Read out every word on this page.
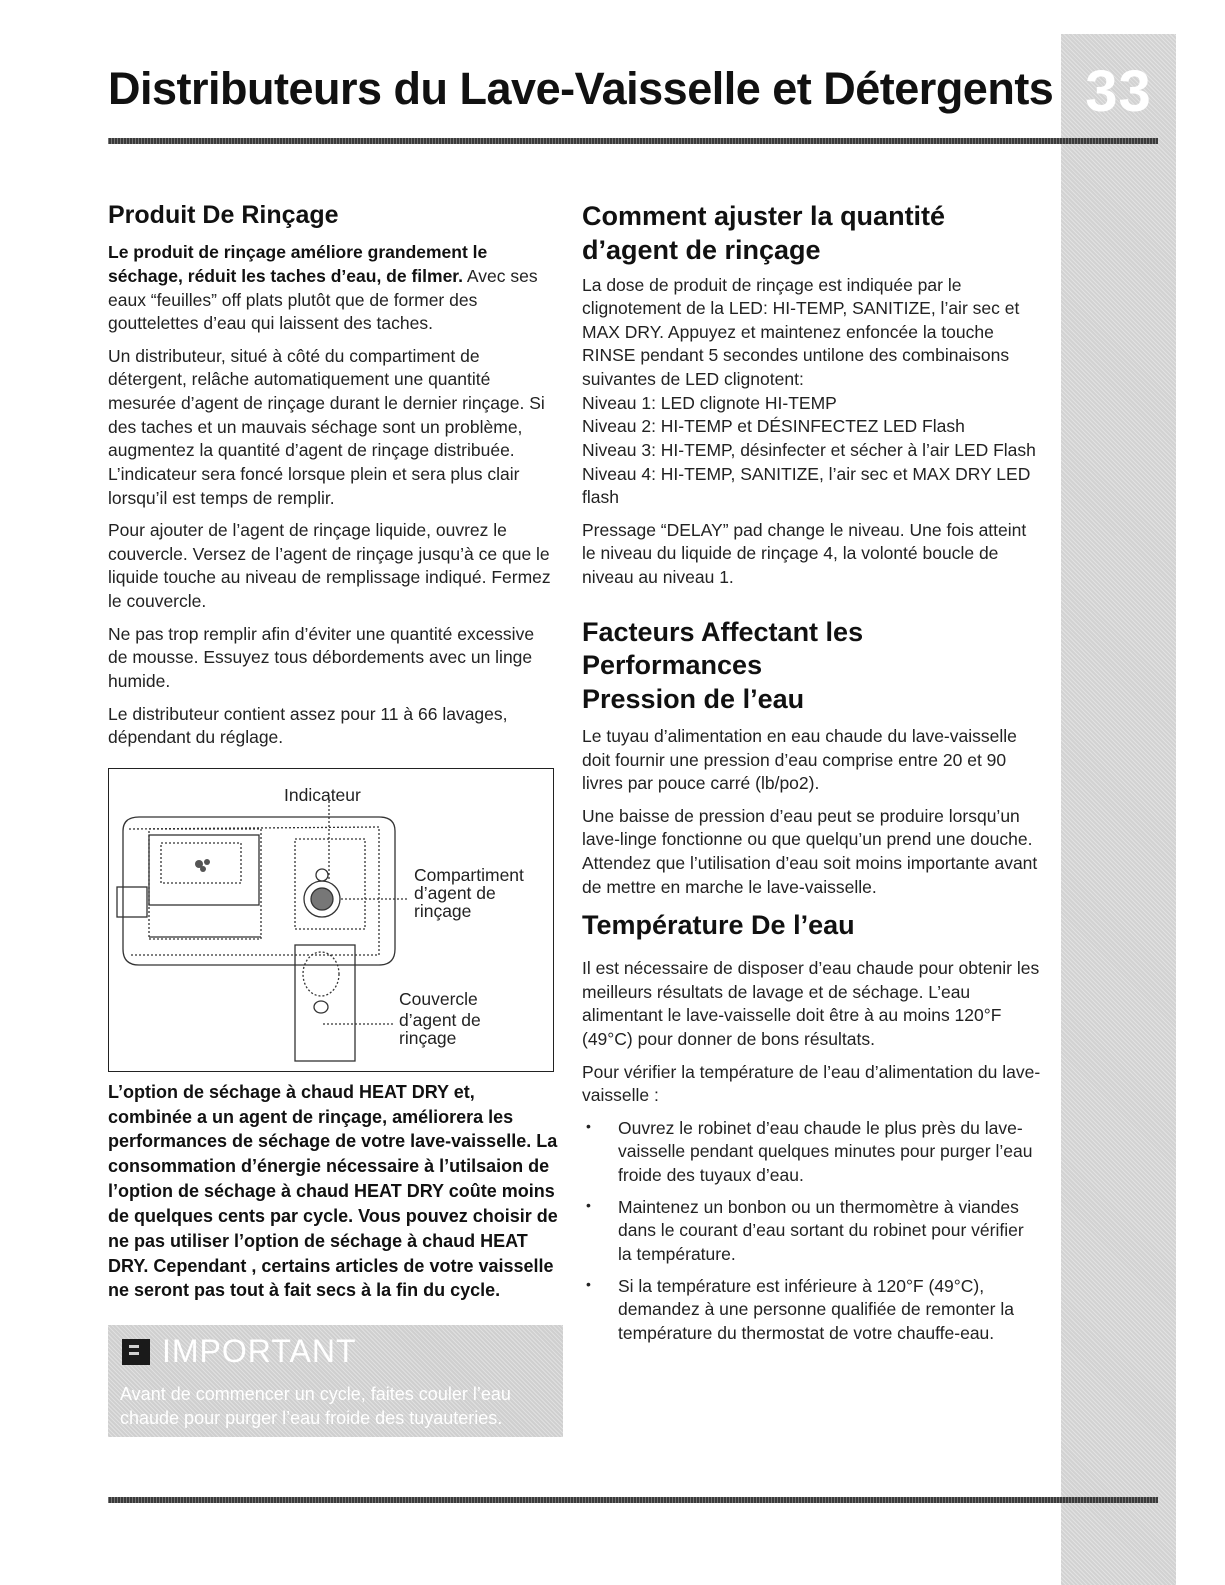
33
Distributeurs du Lave-Vaisselle et Détergents
Produit De Rinçage

Le produit de rinçage améliore grandement le séchage, réduit les taches d’eau, de filmer. Avec ses eaux “feuilles” off plats plutôt que de former des gouttelettes d’eau qui laissent des taches.

Un distributeur, situé à côté du compartiment de détergent, relâche automatiquement une quantité mesurée d’agent de rinçage durant le dernier rinçage. Si des taches et un mauvais séchage sont un problème, augmentez la quantité d’agent de rinçage distribuée. L’indicateur sera foncé lorsque plein et sera plus clair lorsqu’il est temps de remplir.

Pour ajouter de l’agent de rinçage liquide, ouvrez le couvercle. Versez de l’agent de rinçage jusqu’à ce que le liquide touche au niveau de remplissage indiqué. Fermez le couvercle.

Ne pas trop remplir afin d’éviter une quantité excessive de mousse. Essuyez tous débordements avec un linge humide.

Le distributeur contient assez pour 11 à 66 lavages, dépendant du réglage.

Indicateur
Compartiment
d’agent de
rinçage
Couvercle
d’agent de
rinçage

L’option de séchage à chaud HEAT DRY et, combinée a un agent de rinçage, améliorera les performances de séchage de votre lave-vaisselle. La consommation d’énergie nécessaire à l’utilsaion de l’option de séchage à chaud HEAT DRY coûte moins de quelques cents par cycle. Vous pouvez choisir de ne pas utiliser l’option de séchage à chaud HEAT DRY. Cependant , certains articles de votre vaisselle ne seront pas tout à fait secs à la fin du cycle.

IMPORTANT
Avant de commencer un cycle, faites couler l’eau chaude pour purger l’eau froide des tuyauteries.
Comment ajuster la quantité d’agent de rinçage

La dose de produit de rinçage est indiquée par le clignotement de la LED: HI-TEMP, SANITIZE, l’air sec et MAX DRY. Appuyez et maintenez enfoncée la touche RINSE pendant 5 secondes untilone des combinaisons suivantes de LED clignotent:

Niveau 1: LED clignote HI-TEMP

Niveau 2: HI-TEMP et DÉSINFECTEZ LED Flash

Niveau 3: HI-TEMP, désinfecter et sécher à l’air LED Flash

Niveau 4: HI-TEMP, SANITIZE, l’air sec et MAX DRY LED flash

Pressage “DELAY” pad change le niveau. Une fois atteint le niveau du liquide de rinçage 4, la volonté boucle de niveau au niveau 1.

Facteurs Affectant les Performances
Pression de l’eau

Le tuyau d’alimentation en eau chaude du lave-vaisselle doit fournir une pression d’eau comprise entre 20 et 90 livres par pouce carré (lb/po2).

Une baisse de pression d’eau peut se produire lorsqu’un lave-linge fonctionne ou que quelqu’un prend une douche. Attendez que l’utilisation d’eau soit moins importante avant de mettre en marche le lave-vaisselle.

Température De l’eau

Il est nécessaire de disposer d’eau chaude pour obtenir les meilleurs résultats de lavage et de séchage. L’eau alimentant le lave-vaisselle doit être à au moins 120°F (49°C) pour donner de bons résultats.

Pour vérifier la température de l’eau d’alimentation du lave-vaisselle :

• Ouvrez le robinet d’eau chaude le plus près du lave-vaisselle pendant quelques minutes pour purger l’eau froide des tuyaux d’eau.
• Maintenez un bonbon ou un thermomètre à viandes dans le courant d’eau sortant du robinet pour vérifier la température.
• Si la température est inférieure à 120°F (49°C), demandez à une personne qualifiée de remonter la température du thermostat de votre chauffe-eau.
